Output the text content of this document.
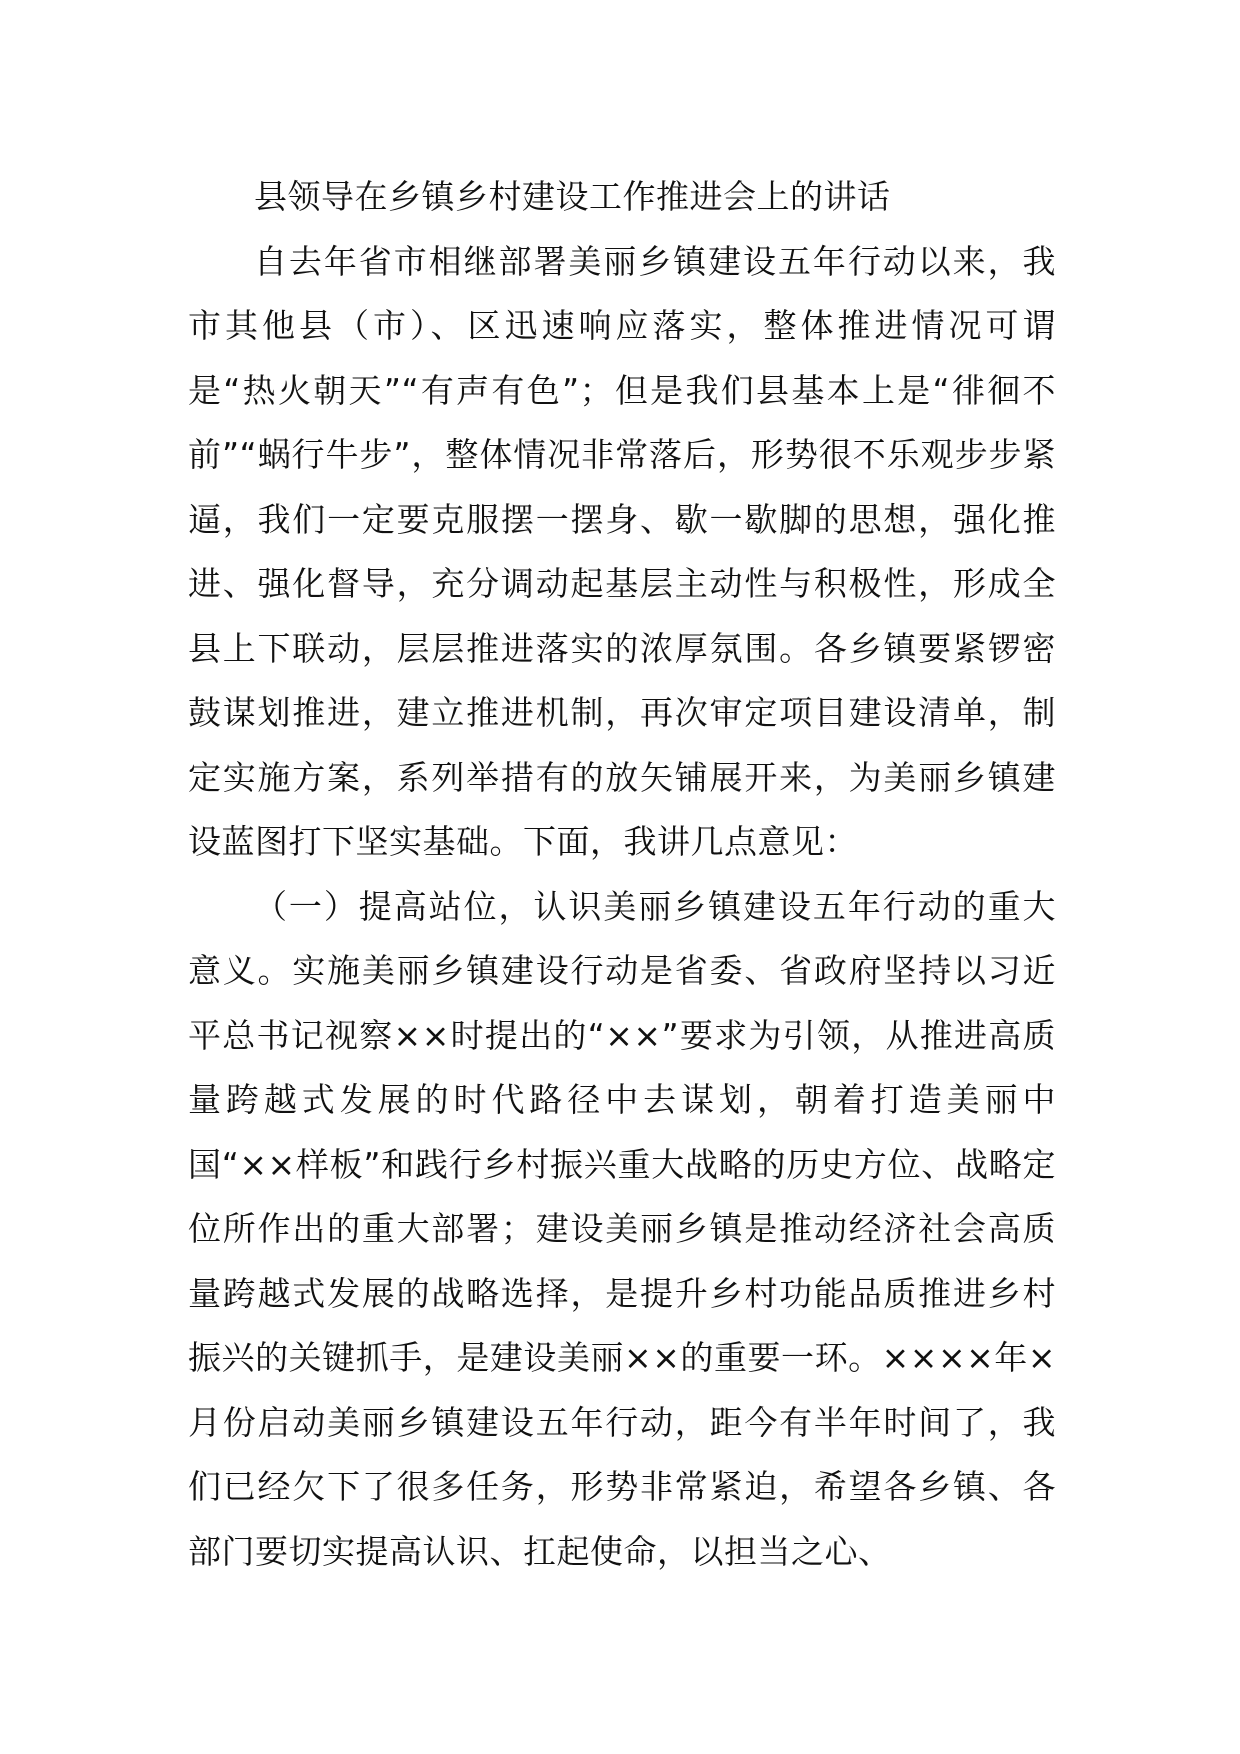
县领导在乡镇乡村建设工作推进会上的讲话

自去年省市相继部署美丽乡镇建设五年行动以来，我市其他县（市）、区迅速响应落实，整体推进情况可谓是“热火朝天”“有声有色”；但是我们县基本上是“徘徊不前”“蜗行牛步”，整体情况非常落后，形势很不乐观步步紧逼，我们一定要克服摆一摆身、歇一歇脚的思想，强化推进、强化督导，充分调动起基层主动性与积极性，形成全县上下联动，层层推进落实的浓厚氛围。各乡镇要紧锣密鼓谋划推进，建立推进机制，再次审定项目建设清单，制定实施方案，系列举措有的放矢铺展开来，为美丽乡镇建设蓝图打下坚实基础。下面，我讲几点意见：

（一）提高站位，认识美丽乡镇建设五年行动的重大意义。实施美丽乡镇建设行动是省委、省政府坚持以习近平总书记视察××时提出的“××”要求为引领，从推进高质量跨越式发展的时代路径中去谋划，朝着打造美丽中国“××样板”和践行乡村振兴重大战略的历史方位、战略定位所作出的重大部署；建设美丽乡镇是推动经济社会高质量跨越式发展的战略选择，是提升乡村功能品质推进乡村振兴的关键抓手，是建设美丽××的重要一环。××××年×月份启动美丽乡镇建设五年行动，距今有半年时间了，我们已经欠下了很多任务，形势非常紧迫，希望各乡镇、各部门要切实提高认识、扛起使命，以担当之心、
